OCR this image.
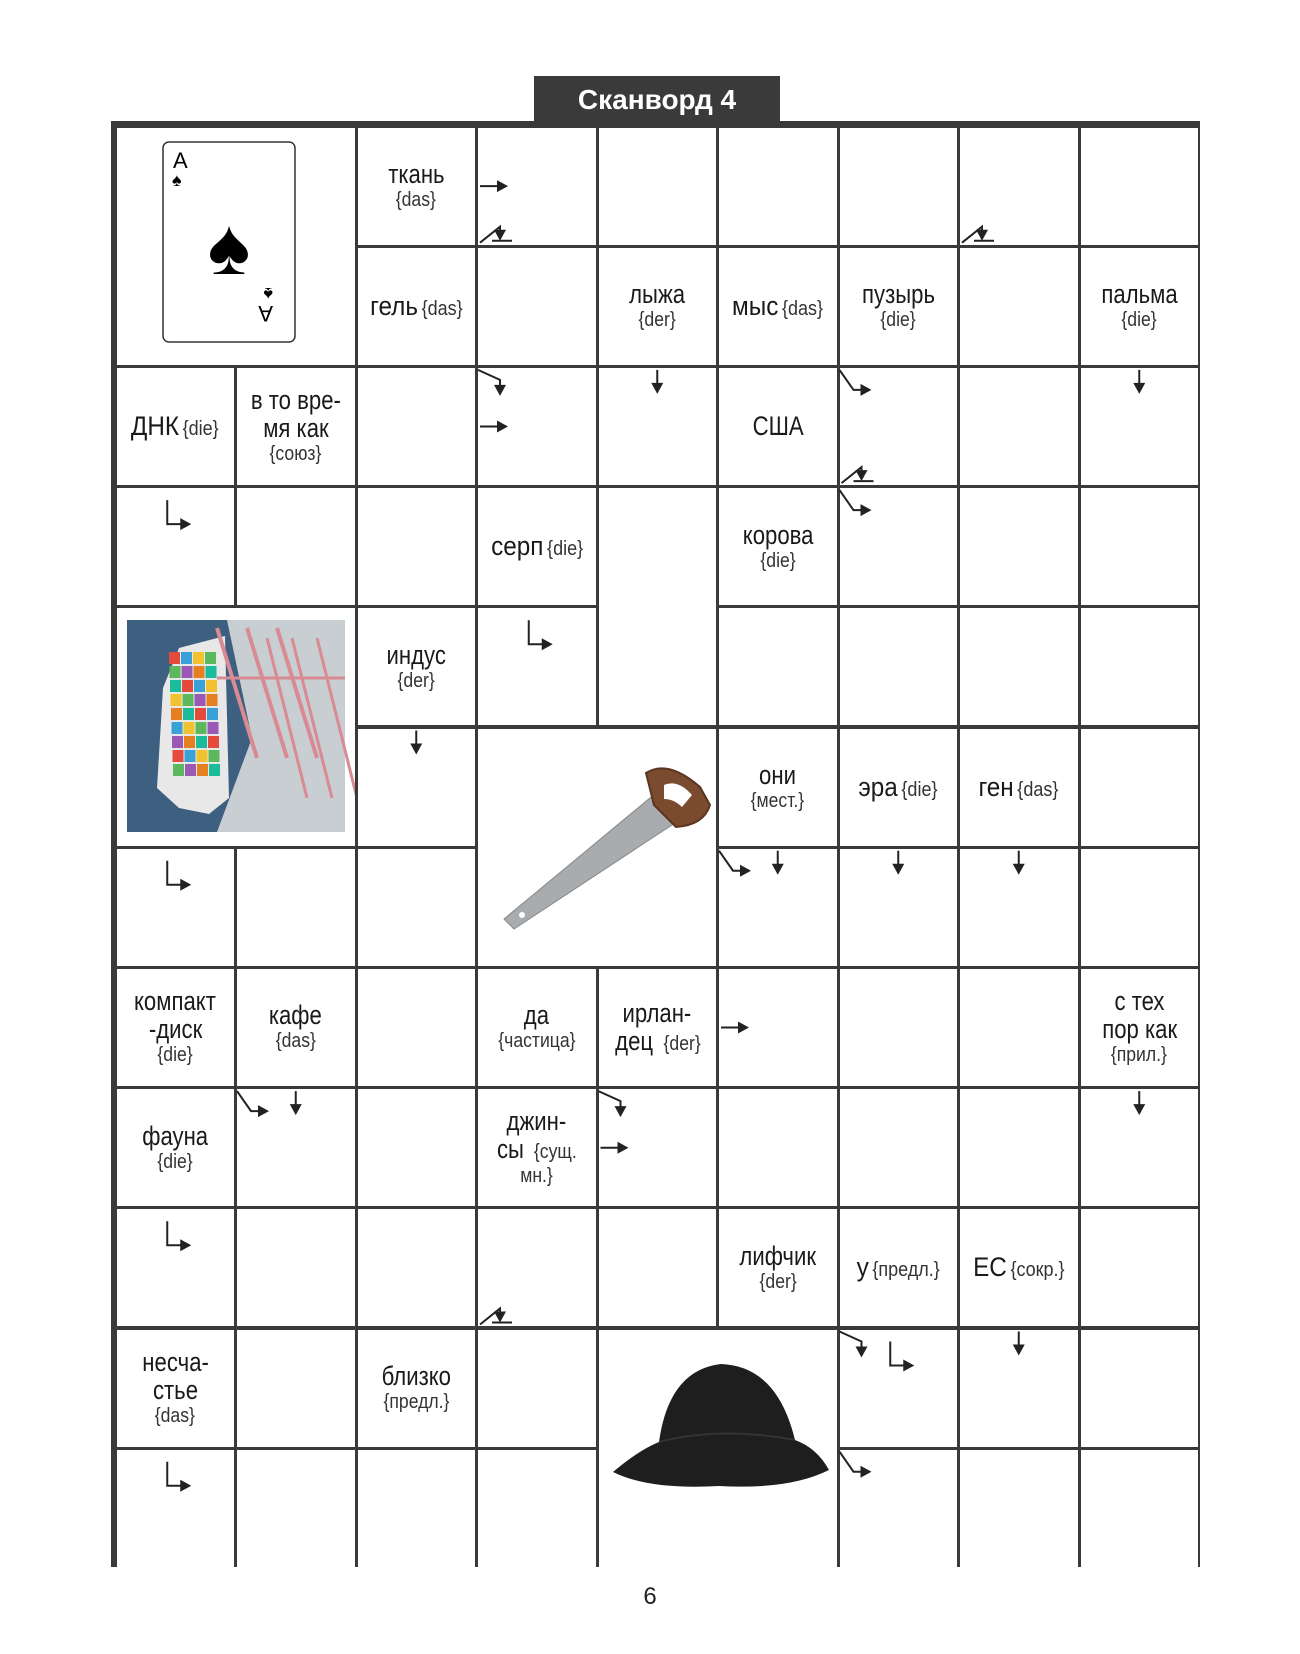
Сканворд 4
A
♠
♠
A
♠
ткань
{das}
гель {das}	лыжа
{der} мыс {das} пузырь
{die}
пальма
{die}
ДНК {die}
в то вре-
мя как
{союз}
США
серп {die}	корова
{die}
индус
{der}
они
{мест.} эра {die} ген {das}
компакт
-диск
{die}
кафе
{das}
да
{частица}
ирлан-
дец {der}
с тех
пор как
{прил.}
фауна
{die}
джин-
сы {сущ.
мн.}
лифчик
{der} у {предл.} ЕС {сокр.}
несча-
стье
{das}
близко
{предл.}
6
